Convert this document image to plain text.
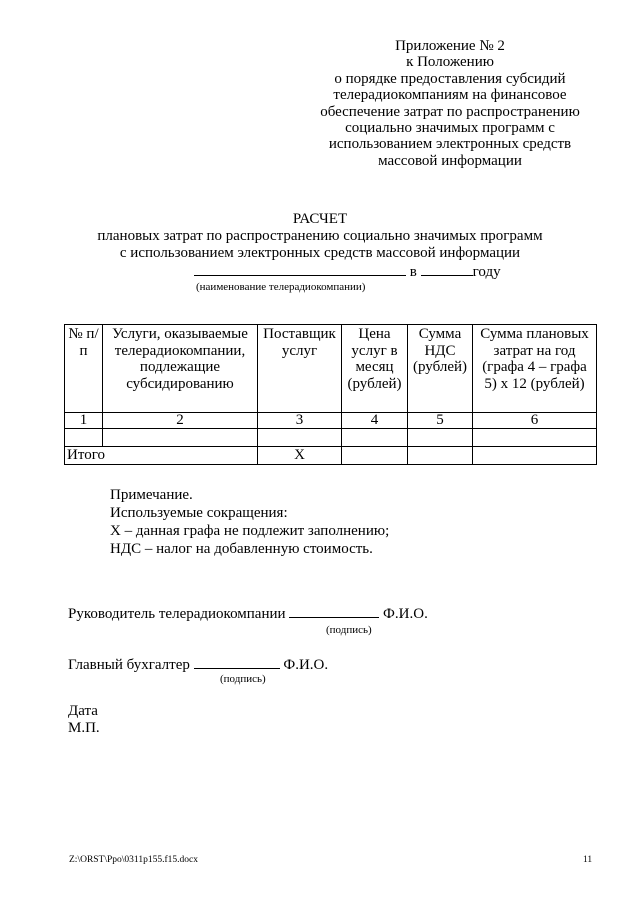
Приложение № 2
к Положению
о порядке предоставления субсидий
телерадиокомпаниям на финансовое
обеспечение затрат по распространению
социально значимых программ с
использованием электронных средств
массовой информации
РАСЧЕТ
плановых затрат по распространению социально значимых программ
с использованием электронных средств массовой информации
в	году
(наименование телерадиокомпании)
№ п/п	Услуги, оказываемые телерадиокомпании, подлежащие субсидированию	Поставщик услуг	Цена услуг в месяц (рублей)	Сумма НДС (рублей)	Сумма плановых затрат на год (графа 4 – графа 5) x 12 (рублей)
1	2	3	4	5	6

Итого		Х			
Примечание.
Используемые сокращения:
Х – данная графа не подлежит заполнению;
НДС – налог на добавленную стоимость.
Руководитель телерадиокомпании	Ф.И.О.
(подпись)
Главный бухгалтер	Ф.И.О.
(подпись)
Дата
М.П.
Z:\ORST\Ppo\0311p155.f15.docx	11
